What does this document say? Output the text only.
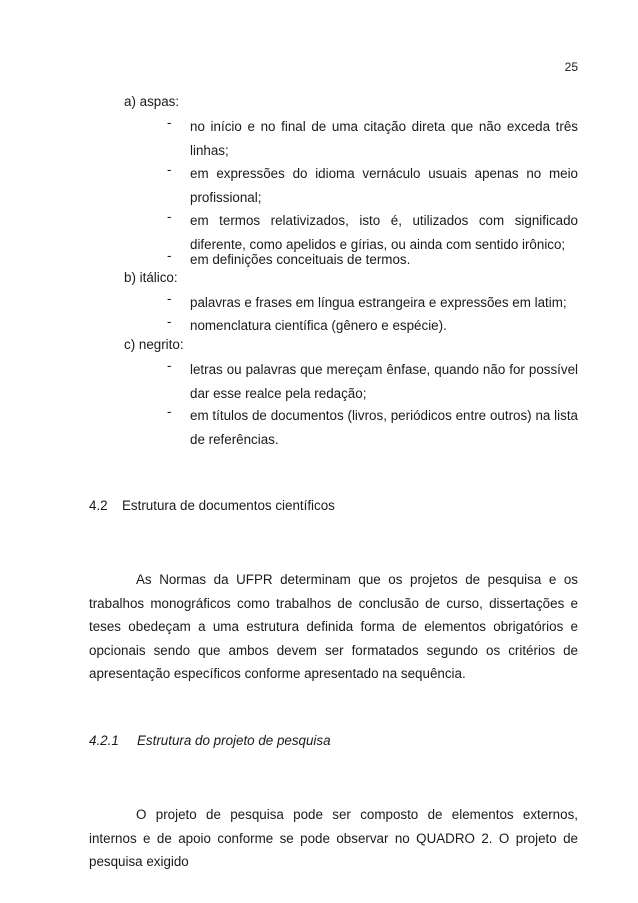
25
a) aspas:
- no início e no final de uma citação direta que não exceda três linhas;
- em expressões do idioma vernáculo usuais apenas no meio profissional;
- em termos relativizados, isto é, utilizados com significado diferente, como apelidos e gírias, ou ainda com sentido irônico;
- em definições conceituais de termos.
b) itálico:
- palavras e frases em língua estrangeira e expressões em latim;
- nomenclatura científica (gênero e espécie).
c) negrito:
- letras ou palavras que mereçam ênfase, quando não for possível dar esse realce pela redação;
- em títulos de documentos (livros, periódicos entre outros) na lista de referências.
4.2 Estrutura de documentos científicos
As Normas da UFPR determinam que os projetos de pesquisa e os trabalhos monográficos como trabalhos de conclusão de curso, dissertações e teses obedeçam a uma estrutura definida forma de elementos obrigatórios e opcionais sendo que ambos devem ser formatados segundo os critérios de apresentação específicos conforme apresentado na sequência.
4.2.1 Estrutura do projeto de pesquisa
O projeto de pesquisa pode ser composto de elementos externos, internos e de apoio conforme se pode observar no QUADRO 2. O projeto de pesquisa exigido
